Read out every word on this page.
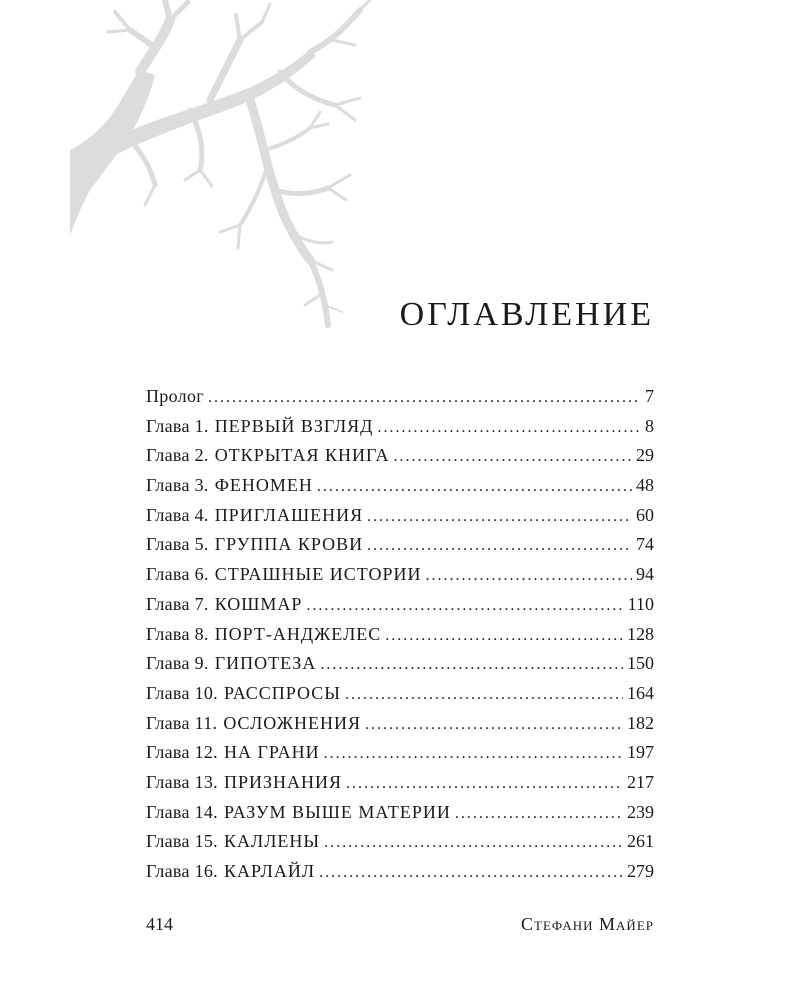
ОГЛАВЛЕНИЕ
Пролог . . .	7
Глава 1. ПЕРВЫЙ ВЗГЛЯД . . .	8
Глава 2. ОТКРЫТАЯ КНИГА . . .	29
Глава 3. ФЕНОМЕН . . .	48
Глава 4. ПРИГЛАШЕНИЯ . . .	60
Глава 5. ГРУППА КРОВИ . . .	74
Глава 6. СТРАШНЫЕ ИСТОРИИ . . .	94
Глава 7. КОШМАР . . .	110
Глава 8. ПОРТ-АНДЖЕЛЕС . . .	128
Глава 9. ГИПОТЕЗА . . .	150
Глава 10. РАССПРОСЫ . . .	164
Глава 11. ОСЛОЖНЕНИЯ . . .	182
Глава 12. НА ГРАНИ . . .	197
Глава 13. ПРИЗНАНИЯ . . .	217
Глава 14. РАЗУМ ВЫШЕ МАТЕРИИ . . .	239
Глава 15. КАЛЛЕНЫ . . .	261
Глава 16. КАРЛАЙЛ . . .	279
414	Стефани Майер
